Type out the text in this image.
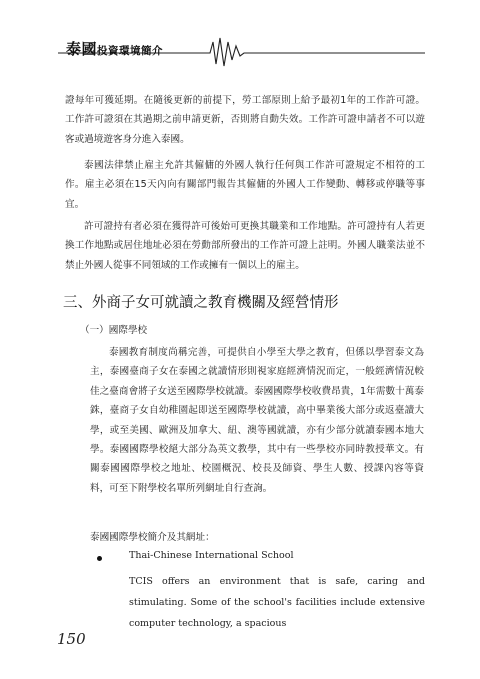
泰國投資環境簡介

證每年可獲延期。在隨後更新的前提下，勞工部原則上給予最初1年的工作許可證。工作許可證須在其過期之前申請更新，否則將自動失效。工作許可證申請者不可以遊客或過境遊客身分進入泰國。

泰國法律禁止雇主允許其僱傭的外國人執行任何與工作許可證規定不相符的工作。雇主必須在15天內向有關部門報告其僱傭的外國人工作變動、轉移或停職等事宜。

許可證持有者必須在獲得許可後始可更換其職業和工作地點。許可證持有人若更換工作地點或居住地址必須在勞動部所發出的工作許可證上註明。外國人職業法並不禁止外國人從事不同領域的工作或擁有一個以上的雇主。

三、外商子女可就讀之教育機關及經營情形
（一）國際學校

泰國教育制度尚稱完善，可提供自小學至大學之教育，但係以學習泰文為主，泰國臺商子女在泰國之就讀情形則視家庭經濟情況而定，一般經濟情況較佳之臺商會將子女送至國際學校就讀。泰國國際學校收費昂貴，1年需數十萬泰銖，臺商子女自幼稚園起即送至國際學校就讀，高中畢業後大部分或返臺讀大學，或至美國、歐洲及加拿大、紐、澳等國就讀，亦有少部分就讀泰國本地大學。泰國國際學校絕大部分為英文教學，其中有一些學校亦同時教授華文。有關泰國國際學校之地址、校園概況、校長及師資、學生人數、授課內容等資料，可至下附學校名單所列網址自行查詢。

泰國國際學校簡介及其網址：
Thai-Chinese International School
TCIS offers an environment that is safe, caring and stimulating. Some of the school's facilities include extensive computer technology, a spacious
150
